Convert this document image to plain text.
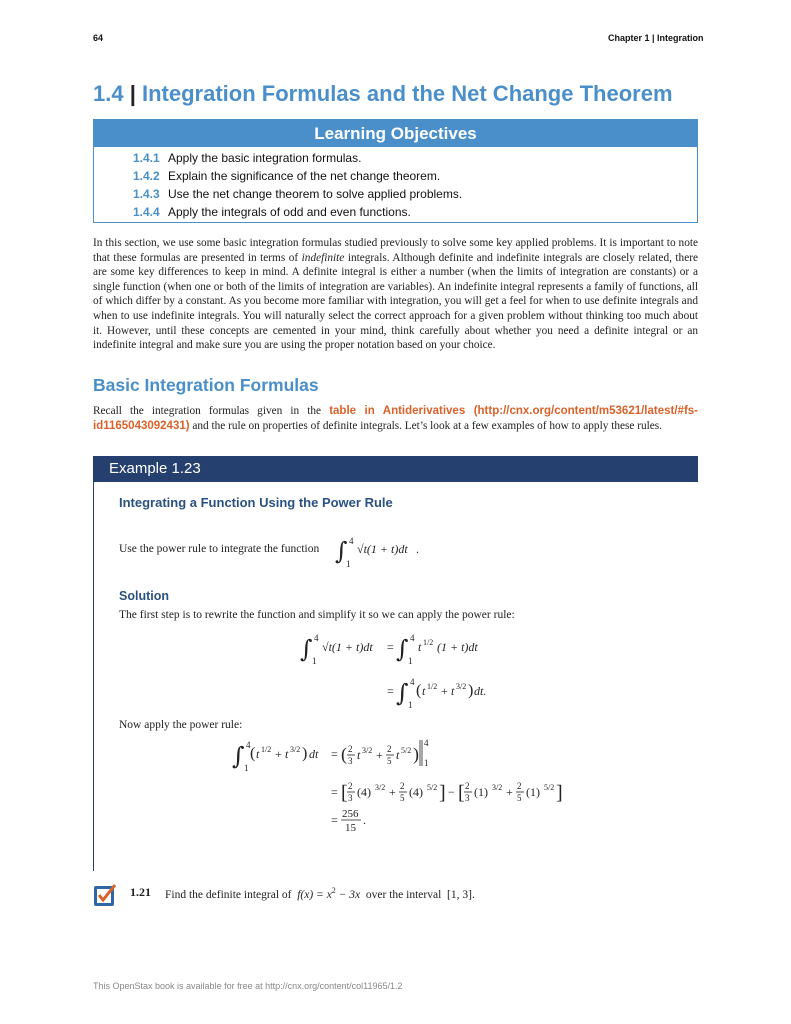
64	Chapter 1 | Integration
1.4 | Integration Formulas and the Net Change Theorem
Learning Objectives
1.4.1 Apply the basic integration formulas.
1.4.2 Explain the significance of the net change theorem.
1.4.3 Use the net change theorem to solve applied problems.
1.4.4 Apply the integrals of odd and even functions.
In this section, we use some basic integration formulas studied previously to solve some key applied problems. It is important to note that these formulas are presented in terms of indefinite integrals. Although definite and indefinite integrals are closely related, there are some key differences to keep in mind. A definite integral is either a number (when the limits of integration are constants) or a single function (when one or both of the limits of integration are variables). An indefinite integral represents a family of functions, all of which differ by a constant. As you become more familiar with integration, you will get a feel for when to use definite integrals and when to use indefinite integrals. You will naturally select the correct approach for a given problem without thinking too much about it. However, until these concepts are cemented in your mind, think carefully about whether you need a definite integral or an indefinite integral and make sure you are using the proper notation based on your choice.
Basic Integration Formulas
Recall the integration formulas given in the table in Antiderivatives (http://cnx.org/content/m53621/latest/#fs-id1165043092431) and the rule on properties of definite integrals. Let’s look at a few examples of how to apply these rules.
Example 1.23
Integrating a Function Using the Power Rule
Use the power rule to integrate the function ∫ 4
1
√t(1 + t)dt .
Solution
The first step is to rewrite the function and simplify it so we can apply the power rule:
∫ 4
1
√t(1 + t)dt = ∫ 4
1
t 1/2 (1 + t)dt
= ∫ 4
1
( t 1/2 + t 3/2 ) dt.
Now apply the power rule:
∫ 4
1
( t 1/2 + t 3/2 ) dt = ( 2
3 t 3/2 + 2
5 t 5/2 )
4
1
= [ 2
3 (4) 3/2 + 2
5 (4) 5/2 ] − [ 2
3 (1) 3/2 + 2
5 (1) 5/2 ]
= 256
15
.
1.21 Find the definite integral of $f(x) = x^2 - 3x$ over the interval [1, 3].
This OpenStax book is available for free at http://cnx.org/content/col11965/1.2
